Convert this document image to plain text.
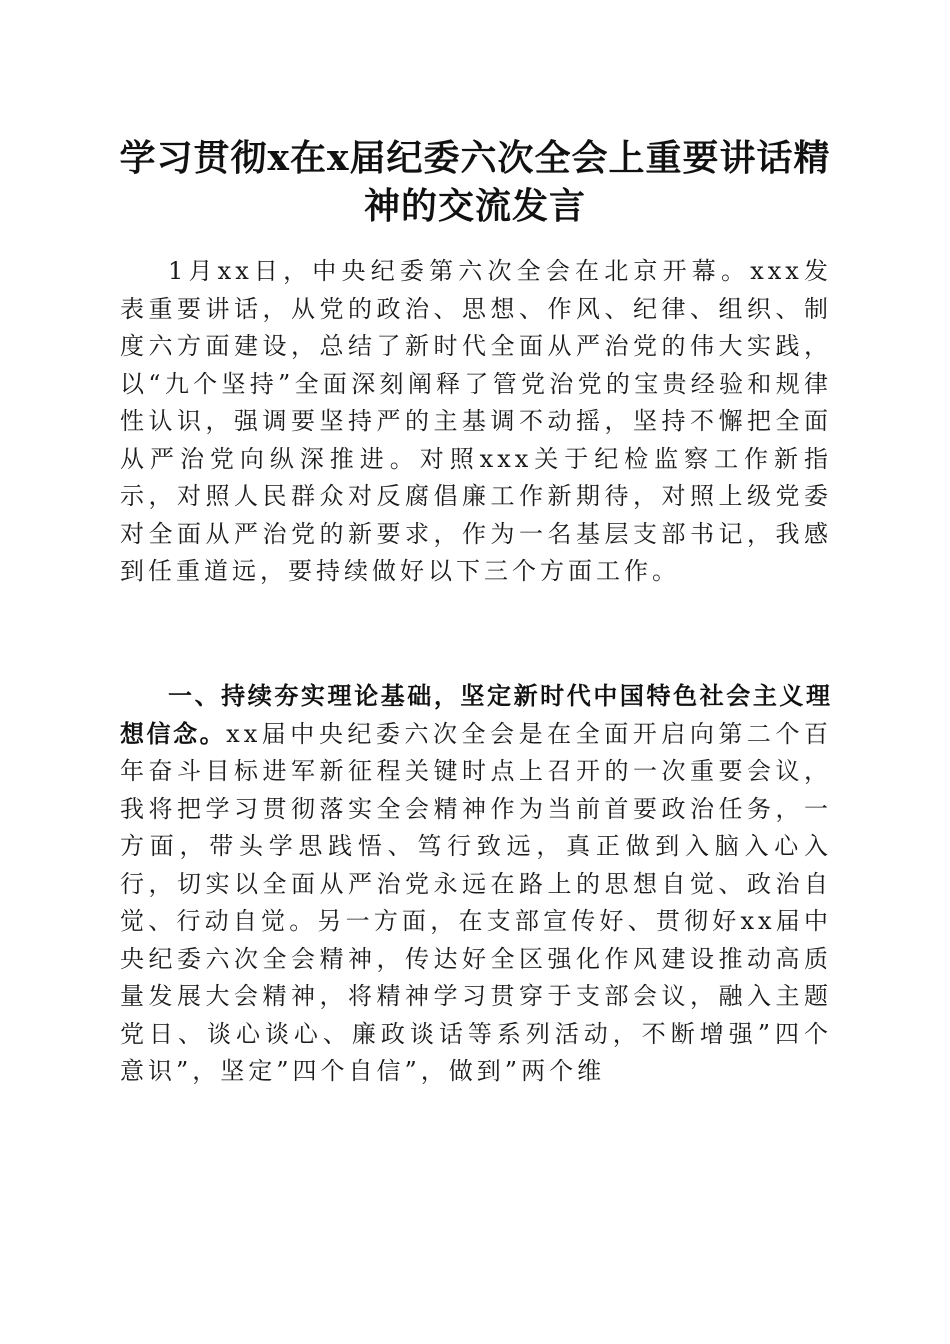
学习贯彻x在x届纪委六次全会上重要讲话精神的交流发言

1月xx日，中央纪委第六次全会在北京开幕。xxx发表重要讲话，从党的政治、思想、作风、纪律、组织、制度六方面建设，总结了新时代全面从严治党的伟大实践，以“九个坚持”全面深刻阐释了管党治党的宝贵经验和规律性认识，强调要坚持严的主基调不动摇，坚持不懈把全面从严治党向纵深推进。对照xxx关于纪检监察工作新指示，对照人民群众对反腐倡廉工作新期待，对照上级党委对全面从严治党的新要求，作为一名基层支部书记，我感到任重道远，要持续做好以下三个方面工作。

一、持续夯实理论基础，坚定新时代中国特色社会主义理想信念。xx届中央纪委六次全会是在全面开启向第二个百年奋斗目标进军新征程关键时点上召开的一次重要会议，我将把学习贯彻落实全会精神作为当前首要政治任务，一方面，带头学思践悟、笃行致远，真正做到入脑入心入行，切实以全面从严治党永远在路上的思想自觉、政治自觉、行动自觉。另一方面，在支部宣传好、贯彻好xx届中央纪委六次全会精神，传达好全区强化作风建设推动高质量发展大会精神，将精神学习贯穿于支部会议，融入主题党日、谈心谈心、廉政谈话等系列活动，不断增强”四个意识”，坚定”四个自信”，做到”两个维
